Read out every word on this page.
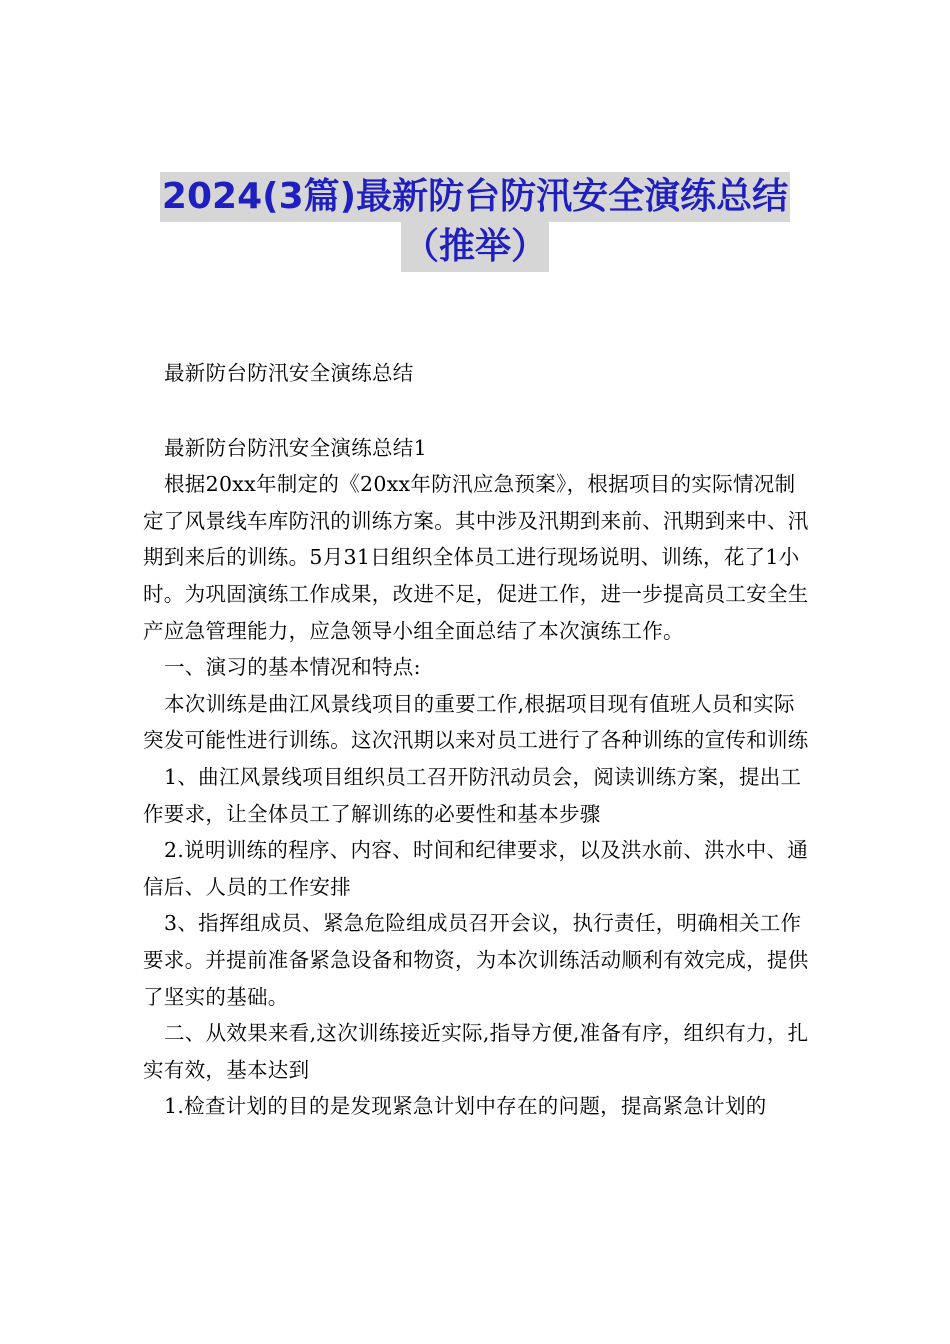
2024(3篇)最新防台防汛安全演练总结
（推举）

最新防台防汛安全演练总结

最新防台防汛安全演练总结1

根据20xx年制定的《20xx年防汛应急预案》，根据项目的实际情况制定了风景线车库防汛的训练方案。其中涉及汛期到来前、汛期到来中、汛期到来后的训练。5月31日组织全体员工进行现场说明、训练，花了1小时。为巩固演练工作成果，改进不足，促进工作，进一步提高员工安全生产应急管理能力，应急领导小组全面总结了本次演练工作。

一、演习的基本情况和特点:

本次训练是曲江风景线项目的重要工作,根据项目现有值班人员和实际突发可能性进行训练。这次汛期以来对员工进行了各种训练的宣传和训练

1、曲江风景线项目组织员工召开防汛动员会，阅读训练方案，提出工作要求，让全体员工了解训练的必要性和基本步骤

2.说明训练的程序、内容、时间和纪律要求，以及洪水前、洪水中、通信后、人员的工作安排

3、指挥组成员、紧急危险组成员召开会议，执行责任，明确相关工作要求。并提前准备紧急设备和物资，为本次训练活动顺利有效完成，提供了坚实的基础。

二、从效果来看,这次训练接近实际,指导方便,准备有序，组织有力，扎实有效，基本达到

1.检查计划的目的是发现紧急计划中存在的问题，提高紧急计划的
